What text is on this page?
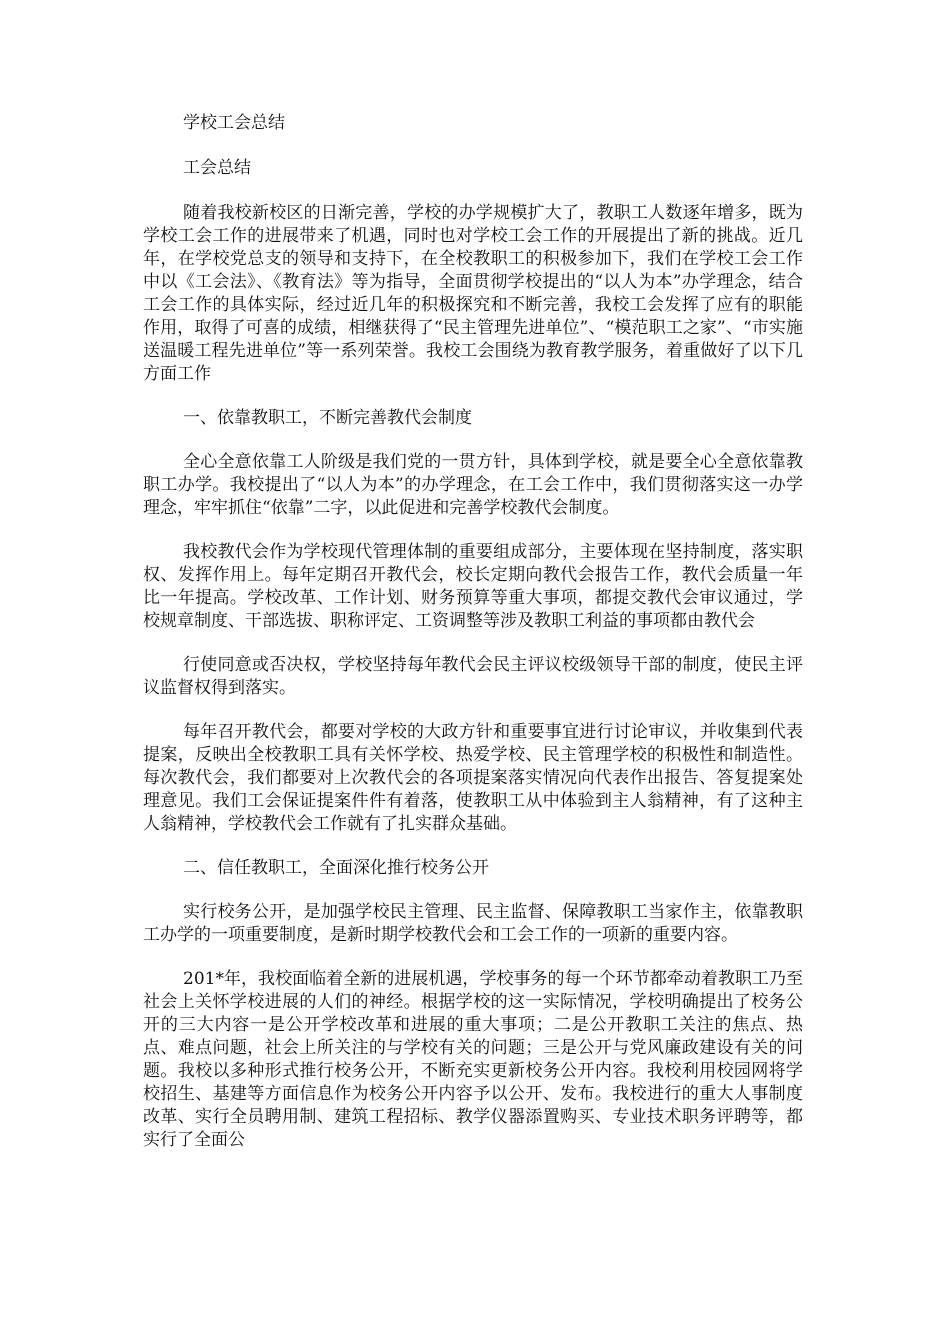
学校工会总结

工会总结

随着我校新校区的日渐完善，学校的办学规模扩大了，教职工人数逐年增多，既为学校工会工作的进展带来了机遇，同时也对学校工会工作的开展提出了新的挑战。近几年，在学校党总支的领导和支持下，在全校教职工的积极参加下，我们在学校工会工作中以《工会法》、《教育法》等为指导，全面贯彻学校提出的“以人为本”办学理念，结合工会工作的具体实际，经过近几年的积极探究和不断完善，我校工会发挥了应有的职能作用，取得了可喜的成绩，相继获得了“民主管理先进单位”、“模范职工之家”、“市实施送温暖工程先进单位”等一系列荣誉。我校工会围绕为教育教学服务，着重做好了以下几方面工作

一、依靠教职工，不断完善教代会制度

全心全意依靠工人阶级是我们党的一贯方针，具体到学校，就是要全心全意依靠教职工办学。我校提出了“以人为本”的办学理念，在工会工作中，我们贯彻落实这一办学理念，牢牢抓住“依靠”二字，以此促进和完善学校教代会制度。

我校教代会作为学校现代管理体制的重要组成部分，主要体现在坚持制度，落实职权、发挥作用上。每年定期召开教代会，校长定期向教代会报告工作，教代会质量一年比一年提高。学校改革、工作计划、财务预算等重大事项，都提交教代会审议通过，学校规章制度、干部选拔、职称评定、工资调整等涉及教职工利益的事项都由教代会

行使同意或否决权，学校坚持每年教代会民主评议校级领导干部的制度，使民主评议监督权得到落实。

每年召开教代会，都要对学校的大政方针和重要事宜进行讨论审议，并收集到代表提案，反映出全校教职工具有关怀学校、热爱学校、民主管理学校的积极性和制造性。每次教代会，我们都要对上次教代会的各项提案落实情况向代表作出报告、答复提案处理意见。我们工会保证提案件件有着落，使教职工从中体验到主人翁精神，有了这种主人翁精神，学校教代会工作就有了扎实群众基础。

二、信任教职工，全面深化推行校务公开

实行校务公开，是加强学校民主管理、民主监督、保障教职工当家作主，依靠教职工办学的一项重要制度，是新时期学校教代会和工会工作的一项新的重要内容。

201*年，我校面临着全新的进展机遇，学校事务的每一个环节都牵动着教职工乃至社会上关怀学校进展的人们的神经。根据学校的这一实际情况，学校明确提出了校务公开的三大内容一是公开学校改革和进展的重大事项；二是公开教职工关注的焦点、热点、难点问题，社会上所关注的与学校有关的问题；三是公开与党风廉政建设有关的问题。我校以多种形式推行校务公开，不断充实更新校务公开内容。我校利用校园网将学校招生、基建等方面信息作为校务公开内容予以公开、发布。我校进行的重大人事制度改革、实行全员聘用制、建筑工程招标、教学仪器添置购买、专业技术职务评聘等，都实行了全面公
